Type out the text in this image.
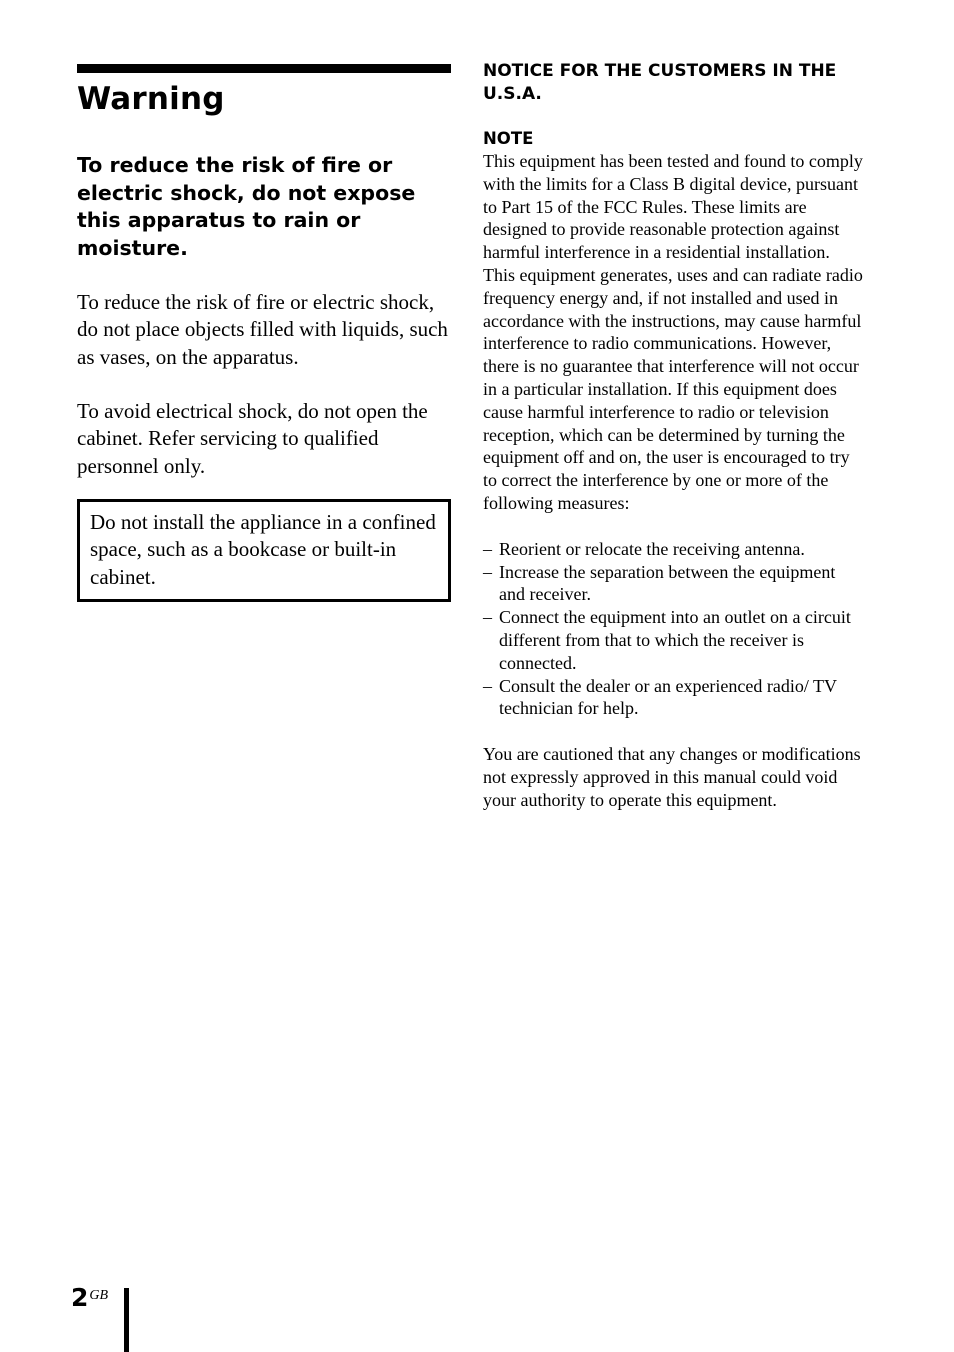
Warning
To reduce the risk of fire or electric shock, do not expose this apparatus to rain or moisture.

To reduce the risk of fire or electric shock, do not place objects filled with liquids, such as vases, on the apparatus.

To avoid electrical shock, do not open the cabinet. Refer servicing to qualified personnel only.

Do not install the appliance in a confined space, such as a bookcase or built-in cabinet.
NOTICE FOR THE CUSTOMERS IN THE U.S.A.
NOTE

This equipment has been tested and found to comply with the limits for a Class B digital device, pursuant to Part 15 of the FCC Rules. These limits are designed to provide reasonable protection against harmful interference in a residential installation. This equipment generates, uses and can radiate radio frequency energy and, if not installed and used in accordance with the instructions, may cause harmful interference to radio communications. However, there is no guarantee that interference will not occur in a particular installation. If this equipment does cause harmful interference to radio or television reception, which can be determined by turning the equipment off and on, the user is encouraged to try to correct the interference by one or more of the following measures:

– Reorient or relocate the receiving antenna.
– Increase the separation between the equipment and receiver.
– Connect the equipment into an outlet on a circuit different from that to which the receiver is connected.
– Consult the dealer or an experienced radio/ TV technician for help.

You are cautioned that any changes or modifications not expressly approved in this manual could void your authority to operate this equipment.

$2^{GB}$
